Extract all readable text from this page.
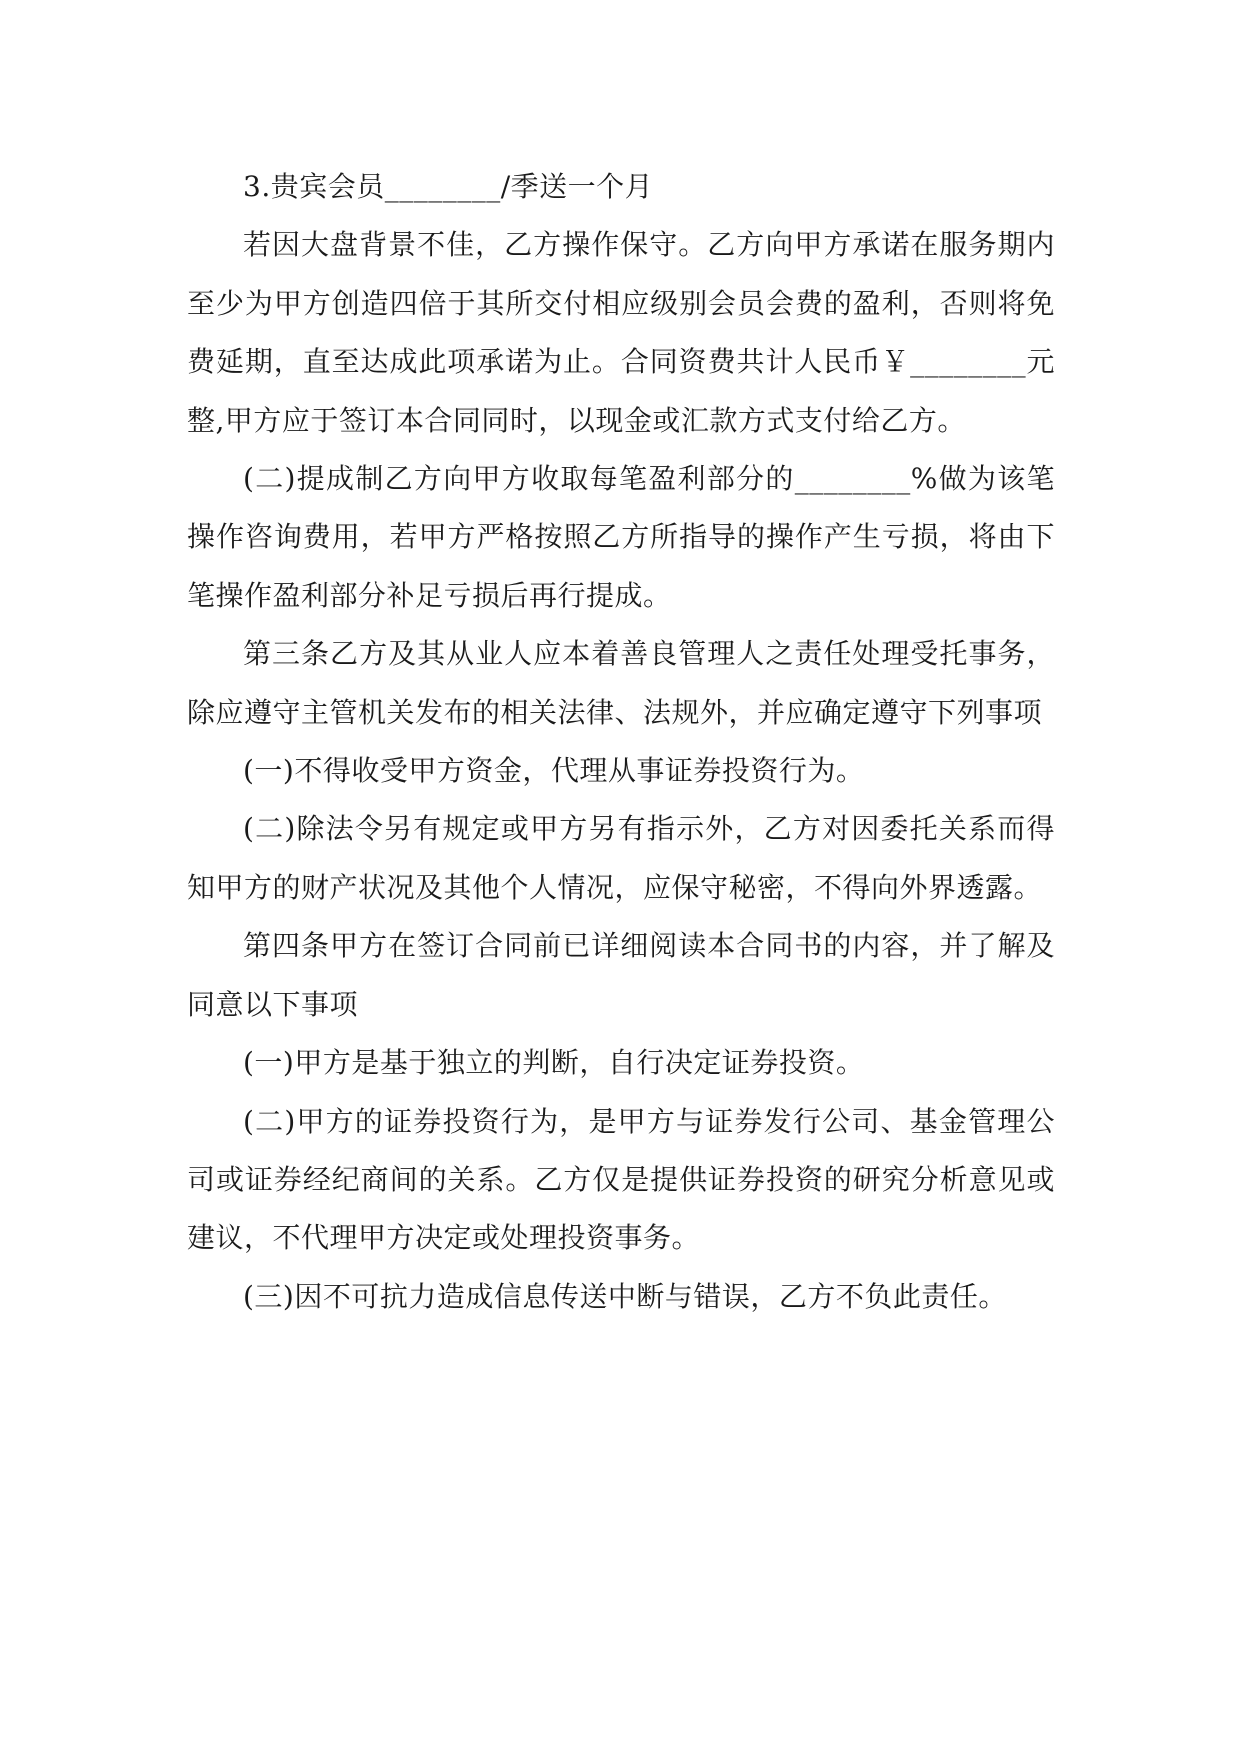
3.贵宾会员________/季送一个月

若因大盘背景不佳，乙方操作保守。乙方向甲方承诺在服务期内至少为甲方创造四倍于其所交付相应级别会员会费的盈利，否则将免费延期，直至达成此项承诺为止。合同资费共计人民币￥________元整,甲方应于签订本合同同时，以现金或汇款方式支付给乙方。

(二)提成制乙方向甲方收取每笔盈利部分的________%做为该笔操作咨询费用，若甲方严格按照乙方所指导的操作产生亏损，将由下笔操作盈利部分补足亏损后再行提成。

第三条乙方及其从业人应本着善良管理人之责任处理受托事务，除应遵守主管机关发布的相关法律、法规外，并应确定遵守下列事项

(一)不得收受甲方资金，代理从事证券投资行为。

(二)除法令另有规定或甲方另有指示外，乙方对因委托关系而得知甲方的财产状况及其他个人情况，应保守秘密，不得向外界透露。

第四条甲方在签订合同前已详细阅读本合同书的内容，并了解及同意以下事项

(一)甲方是基于独立的判断，自行决定证券投资。

(二)甲方的证券投资行为，是甲方与证券发行公司、基金管理公司或证券经纪商间的关系。乙方仅是提供证券投资的研究分析意见或建议，不代理甲方决定或处理投资事务。

(三)因不可抗力造成信息传送中断与错误，乙方不负此责任。
